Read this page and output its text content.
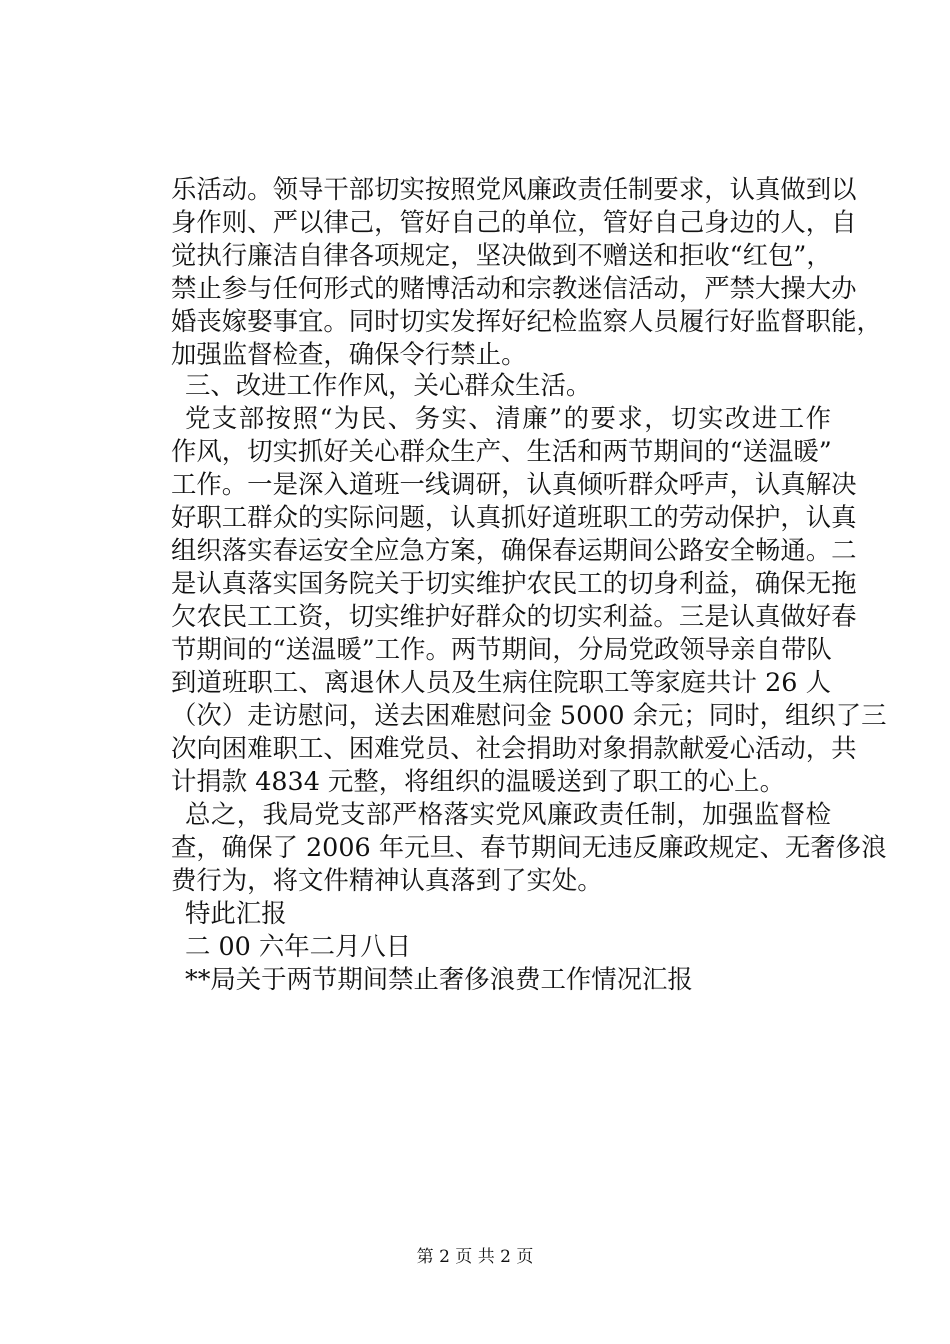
乐活动。领导干部切实按照党风廉政责任制要求，认真做到以
身作则、严以律己，管好自己的单位，管好自己身边的人，自
觉执行廉洁自律各项规定，坚决做到不赠送和拒收“红包”，
禁止参与任何形式的赌博活动和宗教迷信活动，严禁大操大办
婚丧嫁娶事宜。同时切实发挥好纪检监察人员履行好监督职能，
加强监督检查，确保令行禁止。
三、改进工作作风，关心群众生活。
党支部按照“为民、务实、清廉”的要求，切实改进工作
作风，切实抓好关心群众生产、生活和两节期间的“送温暖”
工作。一是深入道班一线调研，认真倾听群众呼声，认真解决
好职工群众的实际问题，认真抓好道班职工的劳动保护，认真
组织落实春运安全应急方案，确保春运期间公路安全畅通。二
是认真落实国务院关于切实维护农民工的切身利益，确保无拖
欠农民工工资，切实维护好群众的切实利益。三是认真做好春
节期间的“送温暖”工作。两节期间，分局党政领导亲自带队
到道班职工、离退休人员及生病住院职工等家庭共计 26 人
（次）走访慰问，送去困难慰问金 5000 余元；同时，组织了三
次向困难职工、困难党员、社会捐助对象捐款献爱心活动，共
计捐款 4834 元整，将组织的温暖送到了职工的心上。
总之，我局党支部严格落实党风廉政责任制，加强监督检
查，确保了 2006 年元旦、春节期间无违反廉政规定、无奢侈浪
费行为，将文件精神认真落到了实处。
特此汇报
二 00 六年二月八日
**局关于两节期间禁止奢侈浪费工作情况汇报
第 2 页 共 2 页
